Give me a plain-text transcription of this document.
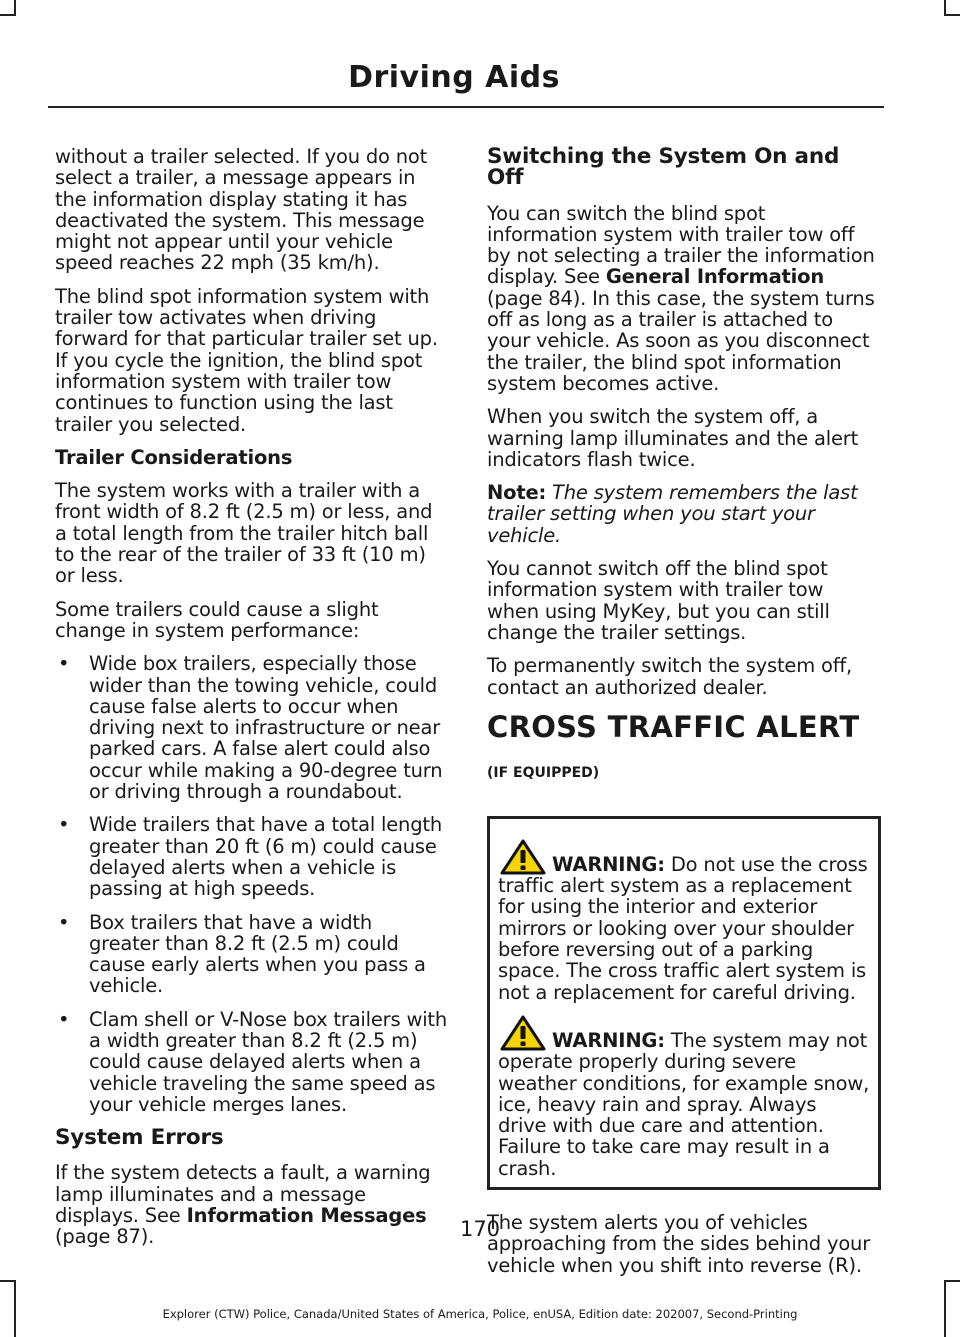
Driving Aids

without a trailer selected. If you do not select a trailer, a message appears in the information display stating it has deactivated the system. This message might not appear until your vehicle speed reaches 22 mph (35 km/h).

The blind spot information system with trailer tow activates when driving forward for that particular trailer set up. If you cycle the ignition, the blind spot information system with trailer tow continues to function using the last trailer you selected.

Trailer Considerations

The system works with a trailer with a front width of 8.2 ft (2.5 m) or less, and a total length from the trailer hitch ball to the rear of the trailer of 33 ft (10 m) or less.

Some trailers could cause a slight change in system performance:

• Wide box trailers, especially those wider than the towing vehicle, could cause false alerts to occur when driving next to infrastructure or near parked cars. A false alert could also occur while making a 90-degree turn or driving through a roundabout.
• Wide trailers that have a total length greater than 20 ft (6 m) could cause delayed alerts when a vehicle is passing at high speeds.
• Box trailers that have a width greater than 8.2 ft (2.5 m) could cause early alerts when you pass a vehicle.
• Clam shell or V-Nose box trailers with a width greater than 8.2 ft (2.5 m) could cause delayed alerts when a vehicle traveling the same speed as your vehicle merges lanes.
System Errors

If the system detects a fault, a warning lamp illuminates and a message displays. See Information Messages (page 87).

Switching the System On and Off

You can switch the blind spot information system with trailer tow off by not selecting a trailer the information display. See General Information (page 84). In this case, the system turns off as long as a trailer is attached to your vehicle. As soon as you disconnect the trailer, the blind spot information system becomes active.

When you switch the system off, a warning lamp illuminates and the alert indicators flash twice.

Note: The system remembers the last trailer setting when you start your vehicle.

You cannot switch off the blind spot information system with trailer tow when using MyKey, but you can still change the trailer settings.

To permanently switch the system off, contact an authorized dealer.

CROSS TRAFFIC ALERT (IF EQUIPPED)
WARNING: Do not use the cross traffic alert system as a replacement for using the interior and exterior mirrors or looking over your shoulder before reversing out of a parking space. The cross traffic alert system is not a replacement for careful driving.
WARNING: The system may not operate properly during severe weather conditions, for example snow, ice, heavy rain and spray. Always drive with due care and attention. Failure to take care may result in a crash.

The system alerts you of vehicles approaching from the sides behind your vehicle when you shift into reverse (R).

170
Explorer (CTW) Police, Canada/United States of America, Police, enUSA, Edition date: 202007, Second-Printing
